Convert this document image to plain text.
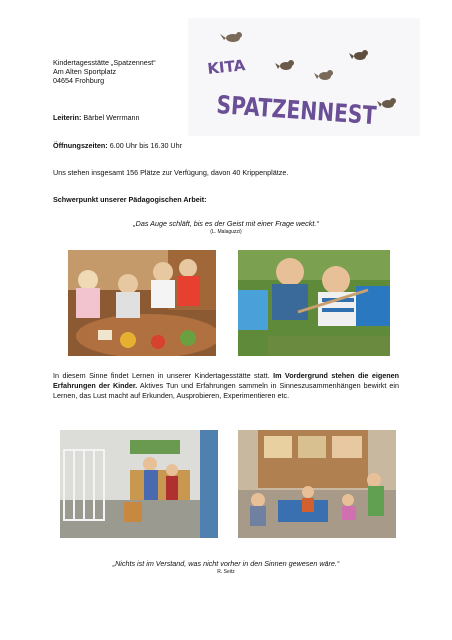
Kindertagesstätte „Spatzennest“
Am Alten Sportplatz
04654 Frohburg
KITA
SPATZENNEST
Leiterin: Bärbel Werrmann
Öffnungszeiten: 6.00 Uhr bis 16.30 Uhr
Uns stehen insgesamt 156 Plätze zur Verfügung, davon 40 Krippenplätze.
Schwerpunkt unserer Pädagogischen Arbeit:
„Das Auge schläft, bis es der Geist mit einer Frage weckt.“
(L. Malaguzzi)
In diesem Sinne findet Lernen in unserer Kindertagesstätte statt. Im Vordergrund stehen die eigenen Erfahrungen der Kinder. Aktives Tun und Erfahrungen sammeln in Sinneszusammenhängen bewirkt ein Lernen, das Lust macht auf Erkunden, Ausprobieren, Experimentieren etc.
„Nichts ist im Verstand, was nicht vorher in den Sinnen gewesen wäre.“
R. Seitz
